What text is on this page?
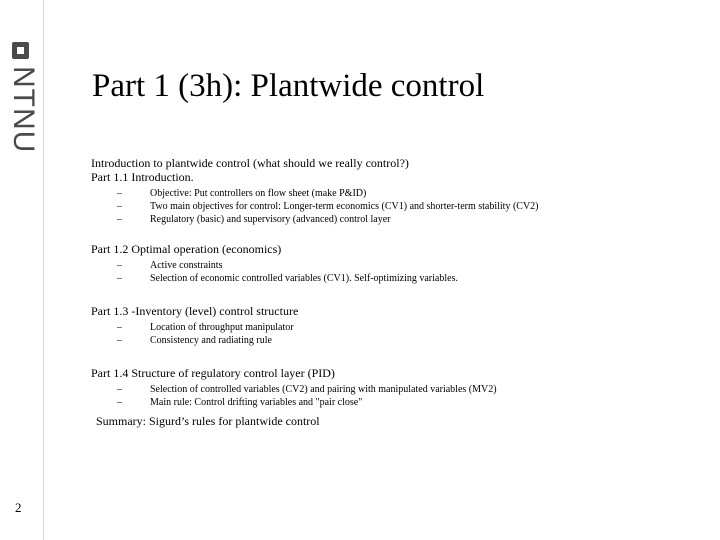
NTNU
2
Part 1 (3h): Plantwide control
Introduction to plantwide control (what should we really control?)
Part 1.1 Introduction.
– Objective: Put controllers on flow sheet (make P&ID)
– Two main objectives for control: Longer-term economics (CV1) and shorter-term stability (CV2)
– Regulatory (basic) and supervisory (advanced) control layer
Part 1.2 Optimal operation (economics)
– Active constraints
– Selection of economic controlled variables (CV1). Self-optimizing variables.
Part 1.3 -Inventory (level) control structure
– Location of throughput manipulator
– Consistency and radiating rule
Part 1.4 Structure of regulatory control layer (PID)
– Selection of controlled variables (CV2) and pairing with manipulated variables (MV2)
– Main rule: Control drifting variables and "pair close"
Summary: Sigurd’s rules for plantwide control
